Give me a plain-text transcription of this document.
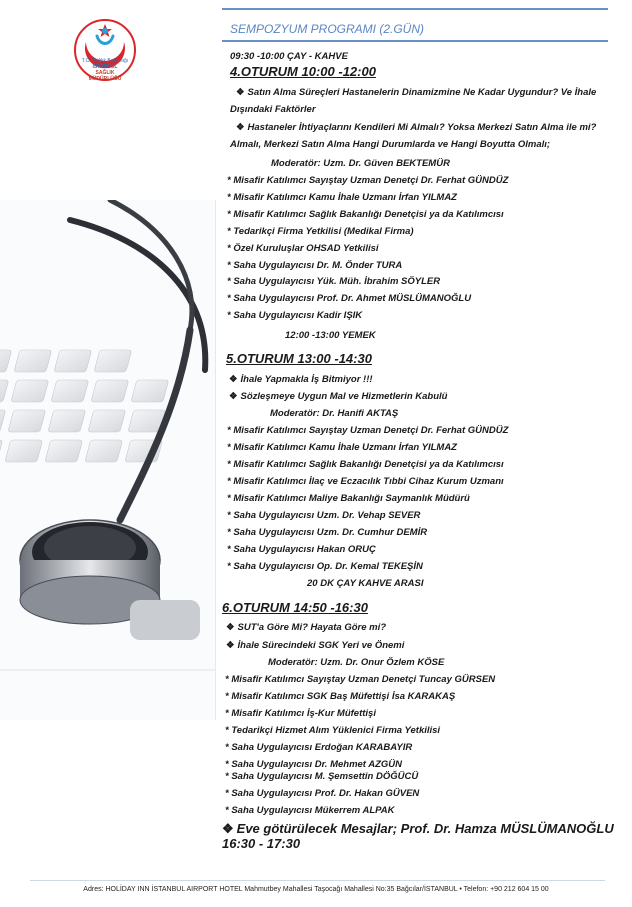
T.C. Sağlık Bakanlığı
İSTANBUL
SAĞLIK
MÜDÜRLÜĞÜ
SEMPOZYUM PROGRAMI (2.GÜN)
09:30 -10:00 ÇAY - KAHVE
4.OTURUM 10:00 -12:00
❖ Satın Alma Süreçleri Hastanelerin Dinamizmine Ne Kadar Uygundur? Ve İhale
Dışındaki Faktörler
❖ Hastaneler İhtiyaçlarını Kendileri Mi Almalı? Yoksa Merkezi Satın Alma ile mi?
Almalı, Merkezi Satın Alma Hangi Durumlarda ve Hangi Boyutta Olmalı;
Moderatör: Uzm. Dr. Güven BEKTEMÜR
* Misafir Katılımcı Sayıştay Uzman Denetçi Dr. Ferhat GÜNDÜZ
* Misafir Katılımcı Kamu İhale Uzmanı İrfan YILMAZ
* Misafir Katılımcı Sağlık Bakanlığı Denetçisi ya da Katılımcısı
* Tedarikçi Firma Yetkilisi (Medikal Firma)
* Özel Kuruluşlar OHSAD Yetkilisi
* Saha Uygulayıcısı Dr. M. Önder TURA
* Saha Uygulayıcısı Yük. Müh. İbrahim SÖYLER
* Saha Uygulayıcısı Prof. Dr. Ahmet MÜSLÜMANOĞLU
* Saha Uygulayıcısı Kadir IŞIK
12:00 -13:00 YEMEK
5.OTURUM 13:00 -14:30
❖ İhale Yapmakla İş Bitmiyor !!!
❖ Sözleşmeye Uygun Mal ve Hizmetlerin Kabulü
Moderatör: Dr. Hanifi AKTAŞ
* Misafir Katılımcı Sayıştay Uzman Denetçi Dr. Ferhat GÜNDÜZ
* Misafir Katılımcı Kamu İhale Uzmanı İrfan YILMAZ
* Misafir Katılımcı Sağlık Bakanlığı Denetçisi ya da Katılımcısı
* Misafir Katılımcı İlaç ve Eczacılık Tıbbi Cihaz Kurum Uzmanı
* Misafir Katılımcı Maliye Bakanlığı Saymanlık Müdürü
* Saha Uygulayıcısı Uzm. Dr. Vehap SEVER
* Saha Uygulayıcısı Uzm. Dr. Cumhur DEMİR
* Saha Uygulayıcısı Hakan ORUÇ
* Saha Uygulayıcısı Op. Dr. Kemal TEKEŞİN
20 DK ÇAY KAHVE ARASI
6.OTURUM 14:50 -16:30
❖ SUT'a Göre Mi? Hayata Göre mi?
❖ İhale Sürecindeki SGK Yeri ve Önemi
Moderatör: Uzm. Dr. Onur Özlem KÖSE
* Misafir Katılımcı Sayıştay Uzman Denetçi Tuncay GÜRSEN
* Misafir Katılımcı SGK Baş Müfettişi İsa KARAKAŞ
* Misafir Katılımcı İş-Kur Müfettişi
* Tedarikçi Hizmet Alım Yüklenici Firma Yetkilisi
* Saha Uygulayıcısı Erdoğan KARABAYIR
* Saha Uygulayıcısı Dr. Mehmet AZGÜN
* Saha Uygulayıcısı M. Şemsettin DÖĞÜCÜ
* Saha Uygulayıcısı Prof. Dr. Hakan GÜVEN
* Saha Uygulayıcısı Mükerrem ALPAK
❖ Eve götürülecek Mesajlar; Prof. Dr. Hamza MÜSLÜMANOĞLU
16:30 - 17:30
Adres: HOLİDAY INN İSTANBUL AIRPORT HOTEL Mahmutbey Mahallesi Taşocağı Mahallesi No:35 Bağcılar/İSTANBUL • Telefon: +90 212 604 15 00
